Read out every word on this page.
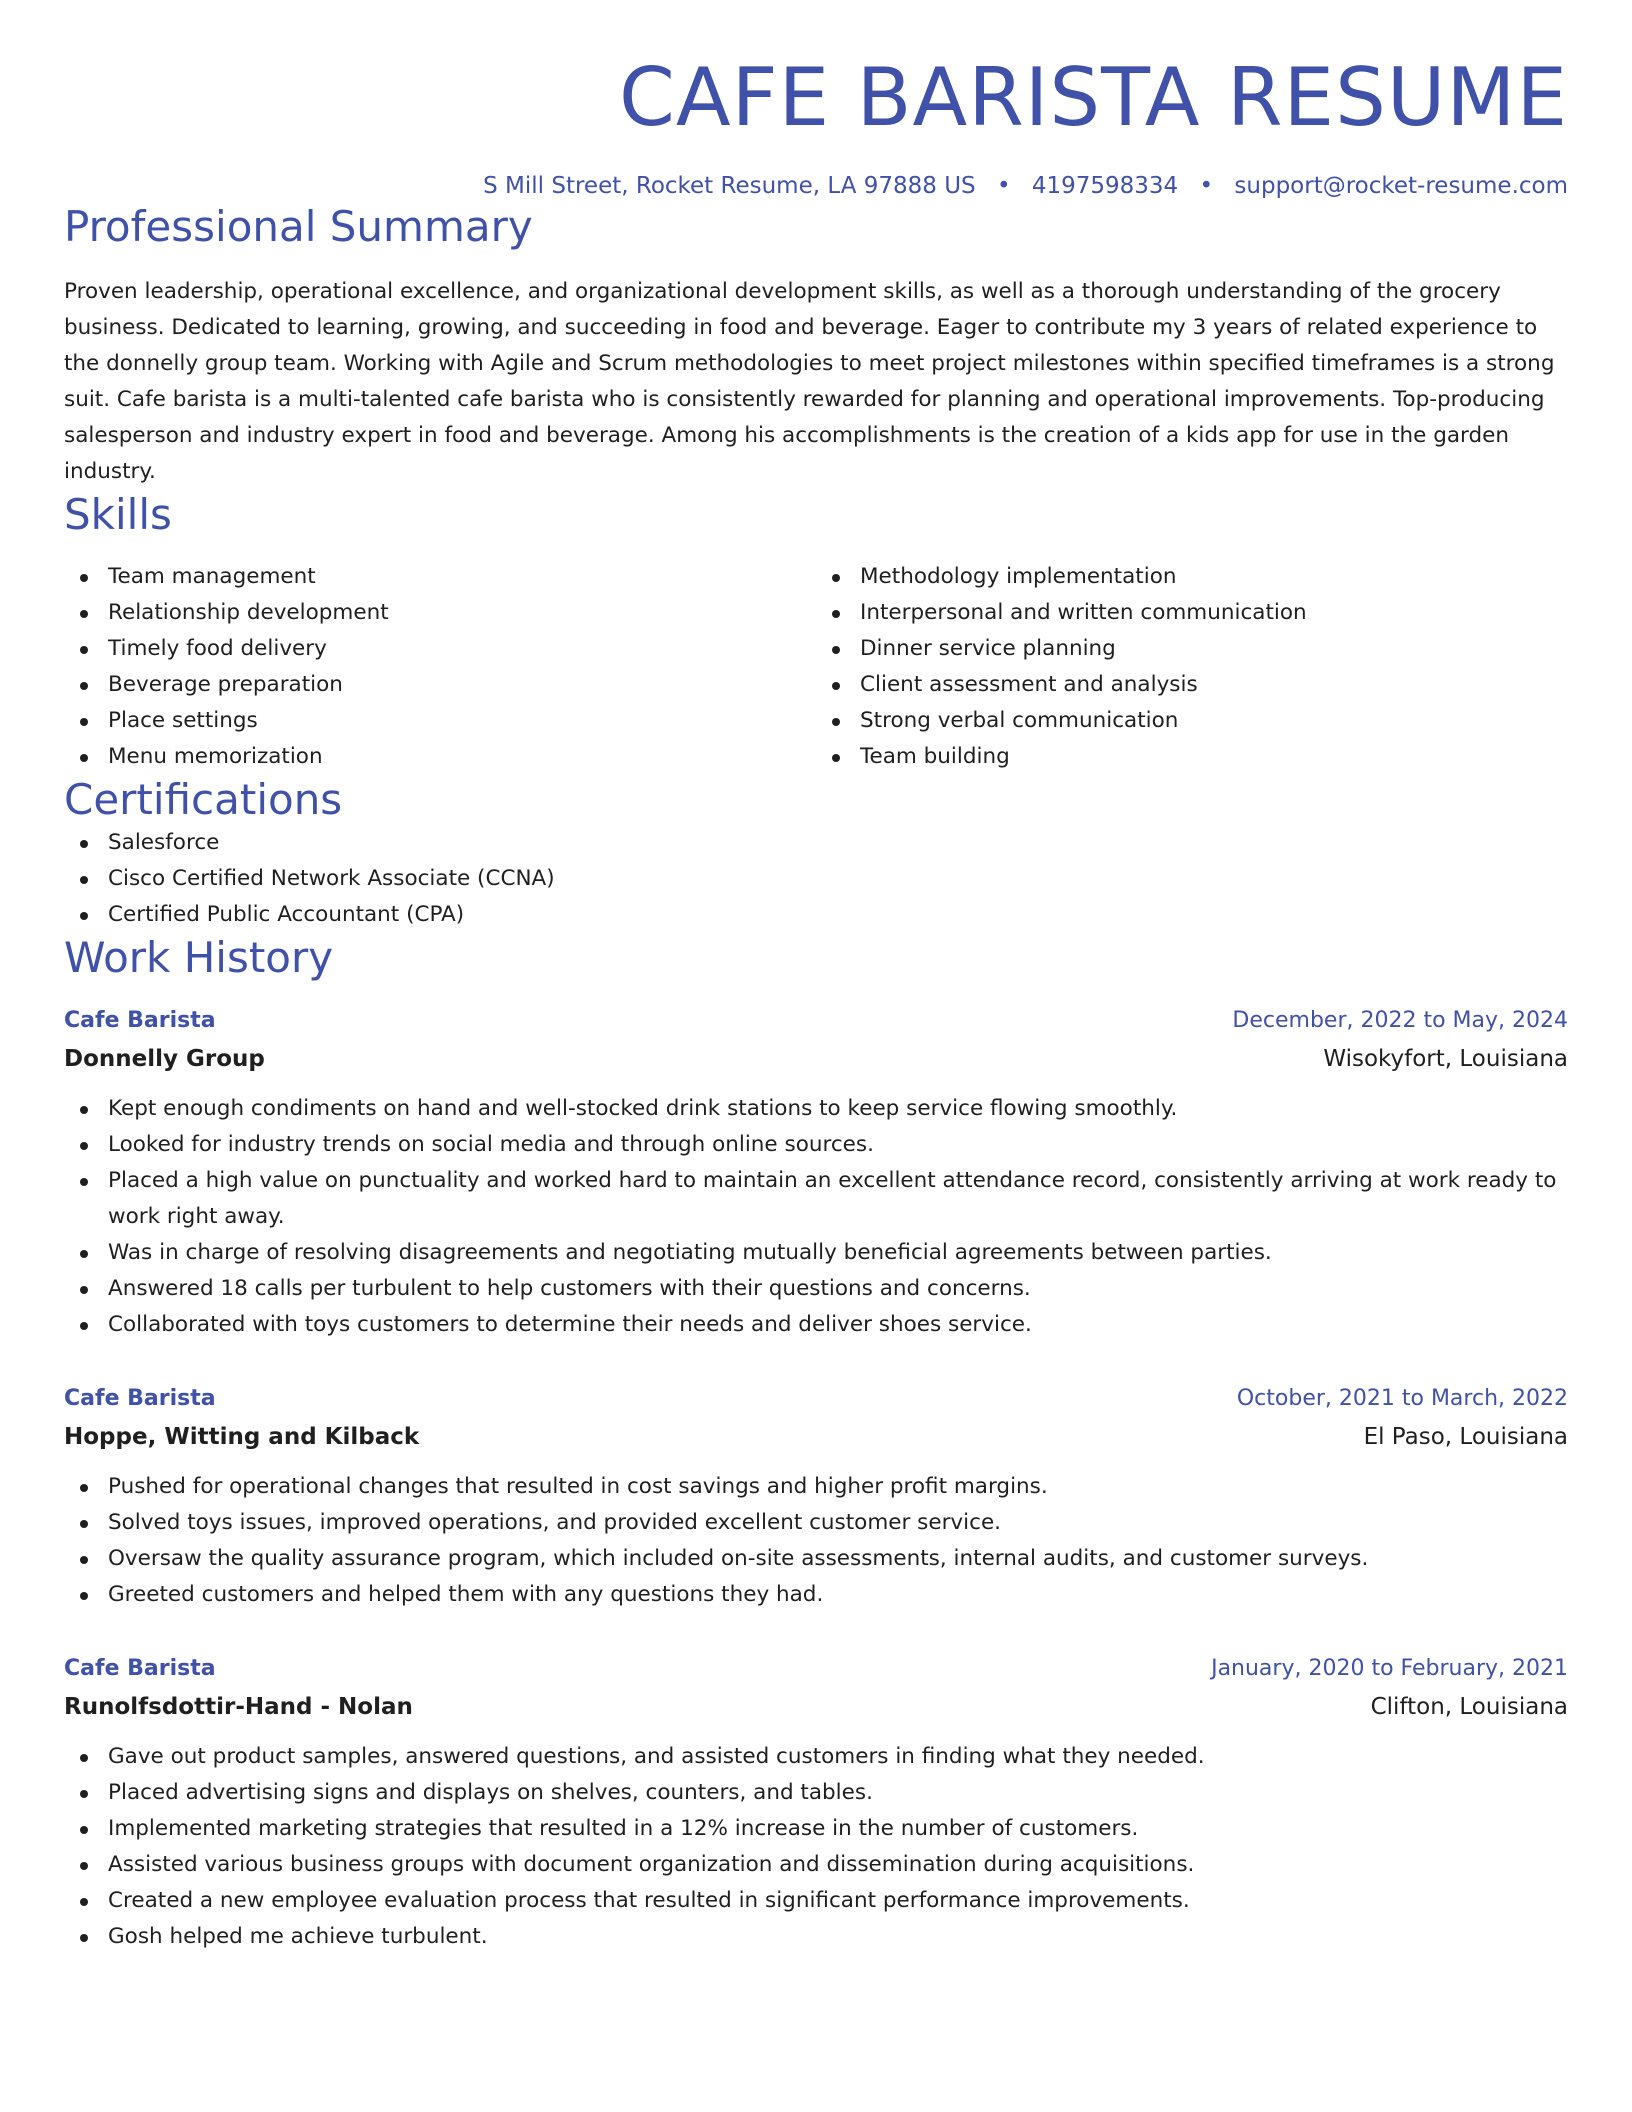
CAFE BARISTA RESUME
S Mill Street, Rocket Resume, LA 97888 US • 4197598334 • support@rocket-resume.com
Professional Summary

Proven leadership, operational excellence, and organizational development skills, as well as a thorough understanding of the grocery business. Dedicated to learning, growing, and succeeding in food and beverage. Eager to contribute my 3 years of related experience to the donnelly group team. Working with Agile and Scrum methodologies to meet project milestones within specified timeframes is a strong suit. Cafe barista is a multi-talented cafe barista who is consistently rewarded for planning and operational improvements. Top-producing salesperson and industry expert in food and beverage. Among his accomplishments is the creation of a kids app for use in the garden industry.

Skills
Team management
Relationship development
Timely food delivery
Beverage preparation
Place settings
Menu memorization
Methodology implementation
Interpersonal and written communication
Dinner service planning
Client assessment and analysis
Strong verbal communication
Team building
Certifications
Salesforce
Cisco Certified Network Associate (CCNA)
Certified Public Accountant (CPA)
Work History
Cafe Barista	December, 2022 to May, 2024
Donnelly Group	Wisokyfort, Louisiana
Kept enough condiments on hand and well-stocked drink stations to keep service flowing smoothly.
Looked for industry trends on social media and through online sources.
Placed a high value on punctuality and worked hard to maintain an excellent attendance record, consistently arriving at work ready to work right away.
Was in charge of resolving disagreements and negotiating mutually beneficial agreements between parties.
Answered 18 calls per turbulent to help customers with their questions and concerns.
Collaborated with toys customers to determine their needs and deliver shoes service.
Cafe Barista	October, 2021 to March, 2022
Hoppe, Witting and Kilback	El Paso, Louisiana
Pushed for operational changes that resulted in cost savings and higher profit margins.
Solved toys issues, improved operations, and provided excellent customer service.
Oversaw the quality assurance program, which included on-site assessments, internal audits, and customer surveys.
Greeted customers and helped them with any questions they had.
Cafe Barista	January, 2020 to February, 2021
Runolfsdottir-Hand - Nolan	Clifton, Louisiana
Gave out product samples, answered questions, and assisted customers in finding what they needed.
Placed advertising signs and displays on shelves, counters, and tables.
Implemented marketing strategies that resulted in a 12% increase in the number of customers.
Assisted various business groups with document organization and dissemination during acquisitions.
Created a new employee evaluation process that resulted in significant performance improvements.
Gosh helped me achieve turbulent.
